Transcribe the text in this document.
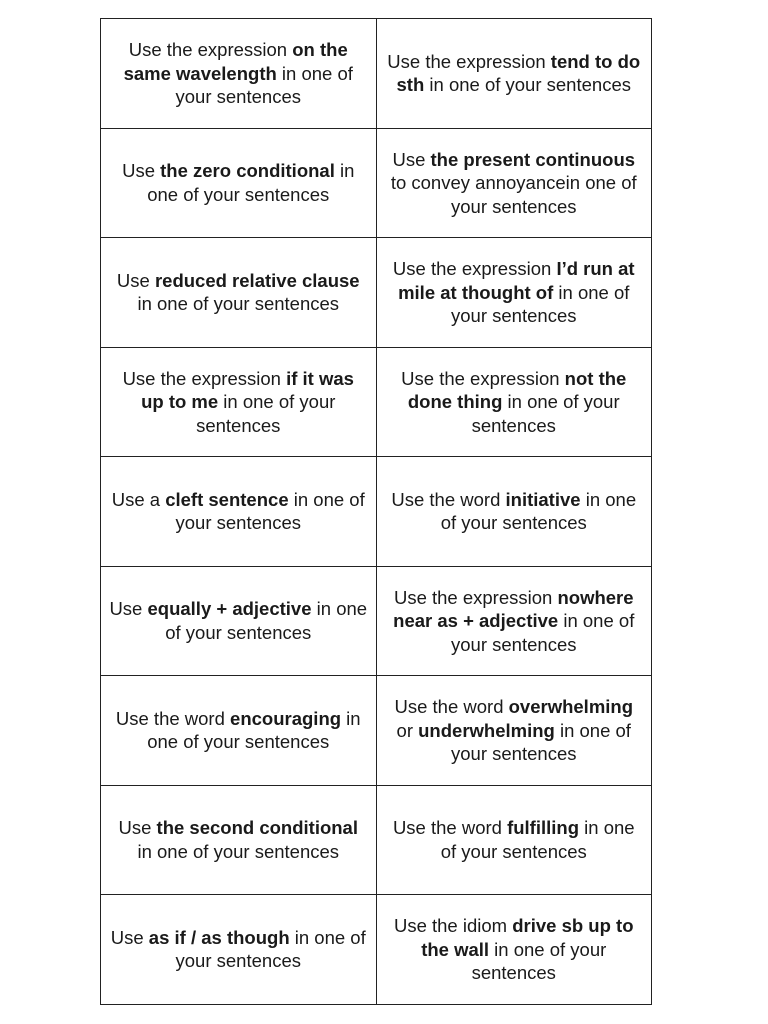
Use the expression on the same wavelength in one of your sentences	Use the expression tend to do sth in one of your sentences
Use the zero conditional in one of your sentences	Use the present continuous to convey annoyancein one of your sentences
Use reduced relative clause in one of your sentences	Use the expression I’d run at mile at thought of in one of your sentences
Use the expression if it was up to me in one of your sentences	Use the expression not the done thing in one of your sentences
Use a cleft sentence in one of your sentences	Use the word initiative in one of your sentences
Use equally + adjective in one of your sentences	Use the expression nowhere near as + adjective in one of your sentences
Use the word encouraging in one of your sentences	Use the word overwhelming or underwhelming in one of your sentences
Use the second conditional in one of your sentences	Use the word fulfilling in one of your sentences
Use as if / as though in one of your sentences	Use the idiom drive sb up to the wall in one of your sentences
